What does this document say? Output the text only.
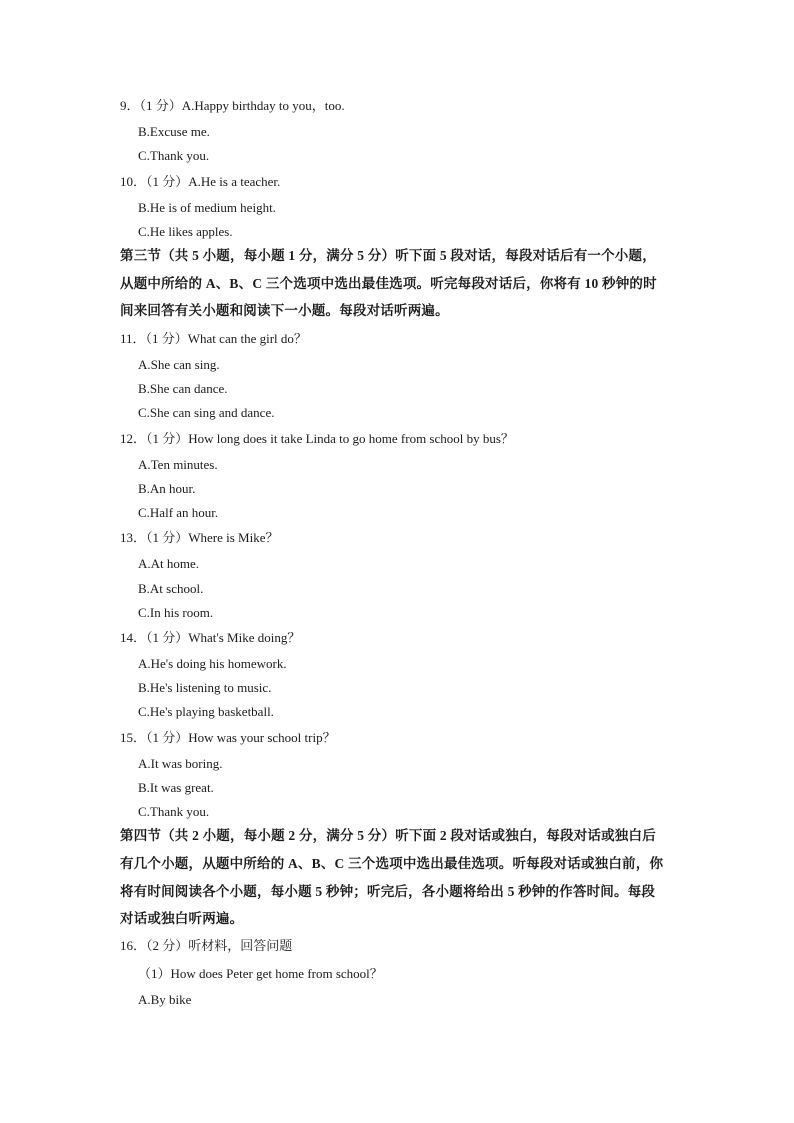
9．（1 分）A.Happy birthday to you，too.
B.Excuse me.
C.Thank you.
10．（1 分）A.He is a teacher.
B.He is of medium height.
C.He likes apples.
第三节（共 5 小题，每小题 1 分，满分 5 分）听下面 5 段对话，每段对话后有一个小题，
从题中所给的 A、B、C 三个选项中选出最佳选项。听完每段对话后，你将有 10 秒钟的时
间来回答有关小题和阅读下一小题。每段对话听两遍。
11．（1 分）What can the girl do？
A.She can sing.
B.She can dance.
C.She can sing and dance.
12．（1 分）How long does it take Linda to go home from school by bus？
A.Ten minutes.
B.An hour.
C.Half an hour.
13．（1 分）Where is Mike？
A.At home.
B.At school.
C.In his room.
14．（1 分）What's Mike doing？
A.He's doing his homework.
B.He's listening to music.
C.He's playing basketball.
15．（1 分）How was your school trip？
A.It was boring.
B.It was great.
C.Thank you.
第四节（共 2 小题，每小题 2 分，满分 5 分）听下面 2 段对话或独白，每段对话或独白后
有几个小题，从题中所给的 A、B、C 三个选项中选出最佳选项。听每段对话或独白前，你
将有时间阅读各个小题，每小题 5 秒钟；听完后，各小题将给出 5 秒钟的作答时间。每段
对话或独白听两遍。
16．（2 分）听材料，回答问题
（1）How does Peter get home from school？
A.By bike
